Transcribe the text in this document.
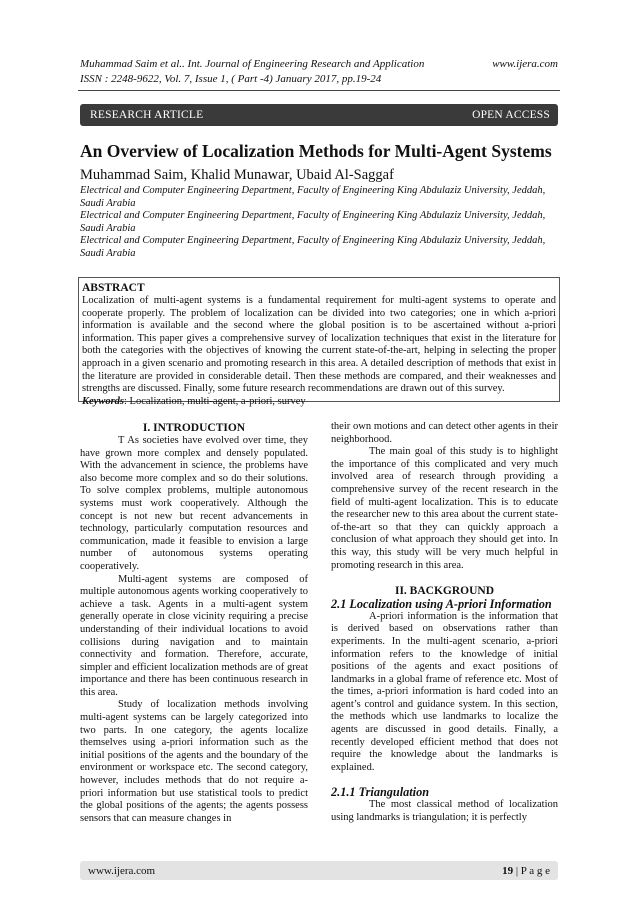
Muhammad Saim et al.. Int. Journal of Engineering Research and Application	www.ijera.com
ISSN : 2248-9622, Vol. 7, Issue 1, ( Part -4) January 2017, pp.19-24
RESEARCH ARTICLE	OPEN ACCESS
An Overview of Localization Methods for Multi-Agent Systems
Muhammad Saim, Khalid Munawar, Ubaid Al-Saggaf
Electrical and Computer Engineering Department, Faculty of Engineering King Abdulaziz University, Jeddah, Saudi Arabia
Electrical and Computer Engineering Department, Faculty of Engineering King Abdulaziz University, Jeddah, Saudi Arabia
Electrical and Computer Engineering Department, Faculty of Engineering King Abdulaziz University, Jeddah, Saudi Arabia
ABSTRACT
Localization of multi-agent systems is a fundamental requirement for multi-agent systems to operate and cooperate properly. The problem of localization can be divided into two categories; one in which a-priori information is available and the second where the global position is to be ascertained without a-priori information. This paper gives a comprehensive survey of localization techniques that exist in the literature for both the categories with the objectives of knowing the current state-of-the-art, helping in selecting the proper approach in a given scenario and promoting research in this area. A detailed description of methods that exist in the literature are provided in considerable detail. Then these methods are compared, and their weaknesses and strengths are discussed. Finally, some future research recommendations are drawn out of this survey.
Keywords: Localization, multi-agent, a-priori, survey
I. INTRODUCTION

T As societies have evolved over time, they have grown more complex and densely populated. With the advancement in science, the problems have also become more complex and so do their solutions. To solve complex problems, multiple autonomous systems must work cooperatively. Although the concept is not new but recent advancements in technology, particularly computation resources and communication, made it feasible to envision a large number of autonomous systems operating cooperatively.

Multi-agent systems are composed of multiple autonomous agents working cooperatively to achieve a task. Agents in a multi-agent system generally operate in close vicinity requiring a precise understanding of their individual locations to avoid collisions during navigation and to maintain connectivity and formation. Therefore, accurate, simpler and efficient localization methods are of great importance and there has been continuous research in this area.

Study of localization methods involving multi-agent systems can be largely categorized into two parts. In one category, the agents localize themselves using a-priori information such as the initial positions of the agents and the boundary of the environment or workspace etc. The second category, however, includes methods that do not require a-priori information but use statistical tools to predict the global positions of the agents; the agents possess sensors that can measure changes in

their own motions and can detect other agents in their neighborhood.

The main goal of this study is to highlight the importance of this complicated and very much involved area of research through providing a comprehensive survey of the recent research in the field of multi-agent localization. This is to educate the researcher new to this area about the current state-of-the-art so that they can quickly approach a conclusion of what approach they should get into. In this way, this study will be very much helpful in promoting research in this area.

II. BACKGROUND
2.1 Localization using A-priori Information

A-priori information is the information that is derived based on observations rather than experiments. In the multi-agent scenario, a-priori information refers to the knowledge of initial positions of the agents and exact positions of landmarks in a global frame of reference etc. Most of the times, a-priori information is hard coded into an agent’s control and guidance system. In this section, the methods which use landmarks to localize the agents are discussed in good details. Finally, a recently developed efficient method that does not require the knowledge about the landmarks is explained.

2.1.1 Triangulation

The most classical method of localization using landmarks is triangulation; it is perfectly

www.ijera.com	19 | P a g e
